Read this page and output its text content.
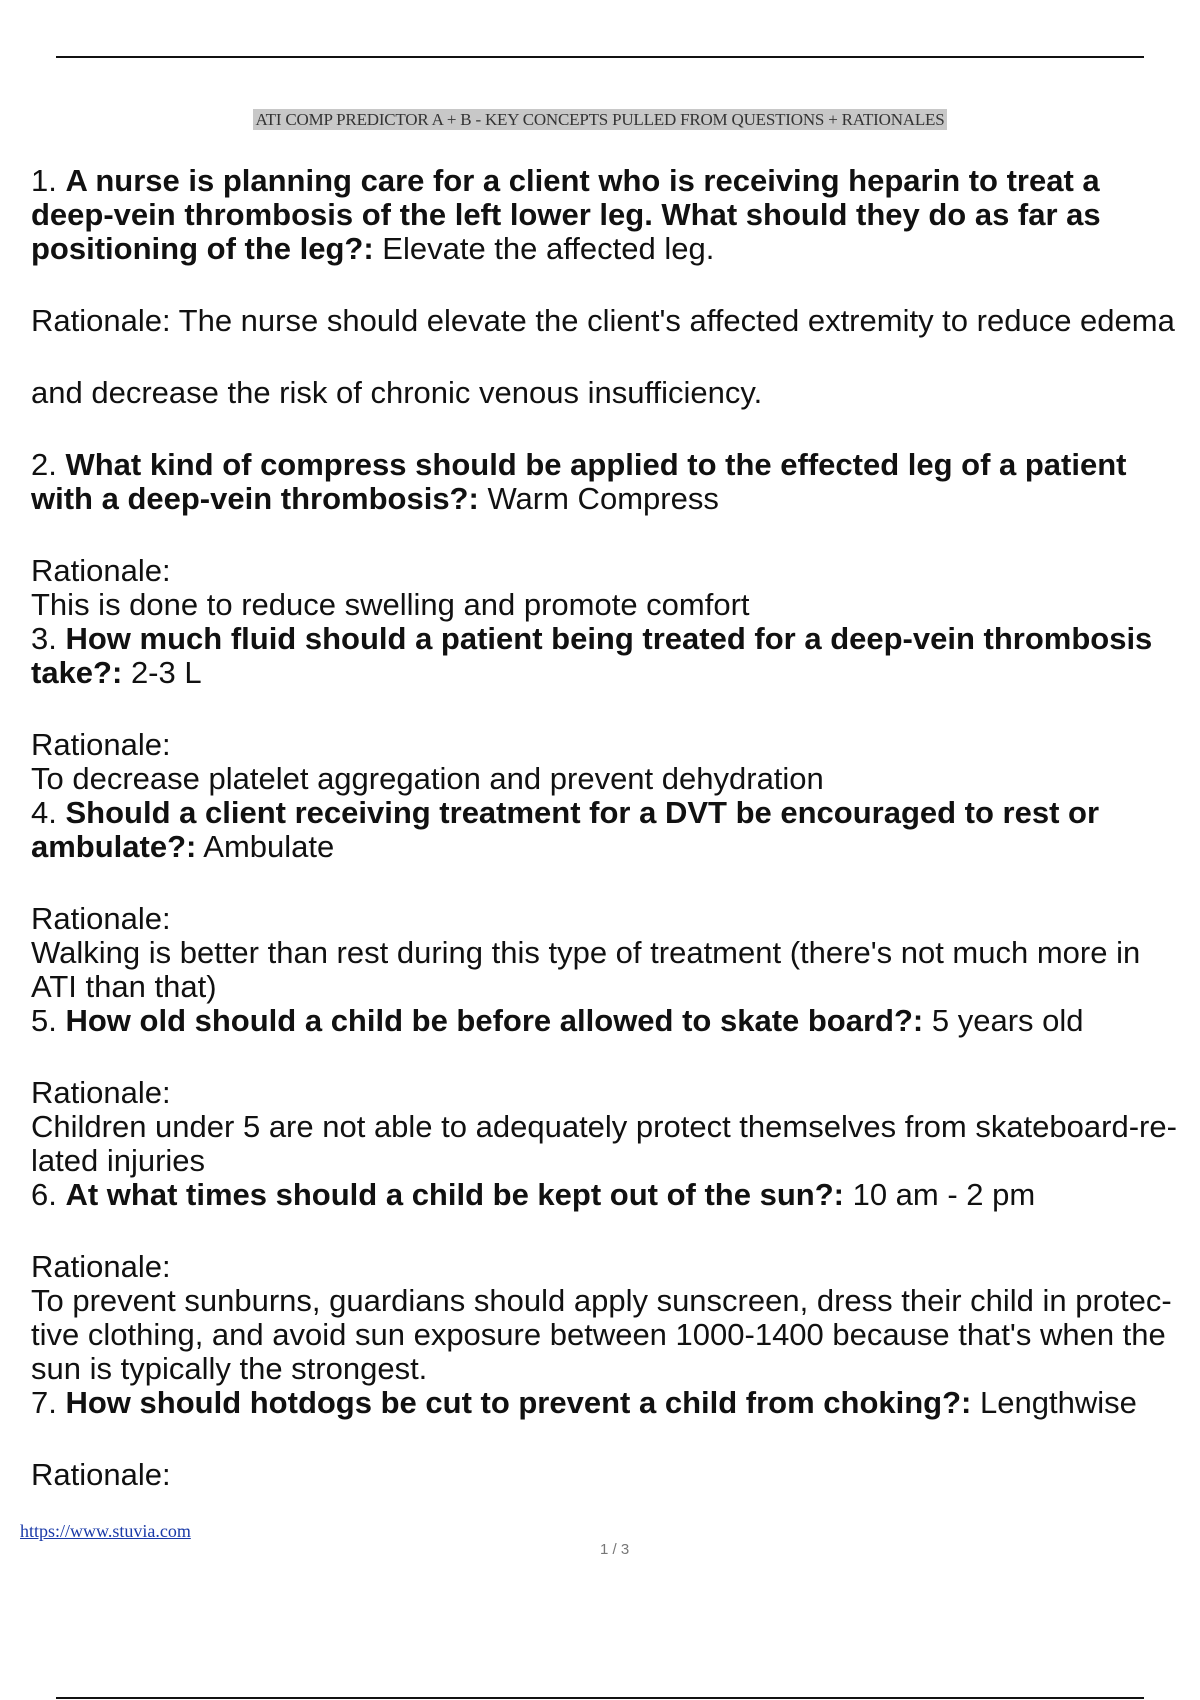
ATI COMP PREDICTOR A + B - KEY CONCEPTS PULLED FROM QUESTIONS + RATIONALES

1. A nurse is planning care for a client who is receiving heparin to treat a

deep-vein thrombosis of the left lower leg. What should they do as far as

positioning of the leg?: Elevate the affected leg.

Rationale: The nurse should elevate the client's affected extremity to reduce edema

and decrease the risk of chronic venous insufficiency.

2. What kind of compress should be applied to the effected leg of a patient

with a deep-vein thrombosis?: Warm Compress

Rationale:

This is done to reduce swelling and promote comfort

3. How much fluid should a patient being treated for a deep-vein thrombosis

take?: 2-3 L

Rationale:

To decrease platelet aggregation and prevent dehydration

4. Should a client receiving treatment for a DVT be encouraged to rest or

ambulate?: Ambulate

Rationale:

Walking is better than rest during this type of treatment (there's not much more in

ATI than that)

5. How old should a child be before allowed to skate board?: 5 years old

Rationale:

Children under 5 are not able to adequately protect themselves from skateboard-re-

lated injuries

6. At what times should a child be kept out of the sun?: 10 am - 2 pm

Rationale:

To prevent sunburns, guardians should apply sunscreen, dress their child in protec-

tive clothing, and avoid sun exposure between 1000-1400 because that's when the

sun is typically the strongest.

7. How should hotdogs be cut to prevent a child from choking?: Lengthwise

Rationale:

https://www.stuvia.com
1 / 3
